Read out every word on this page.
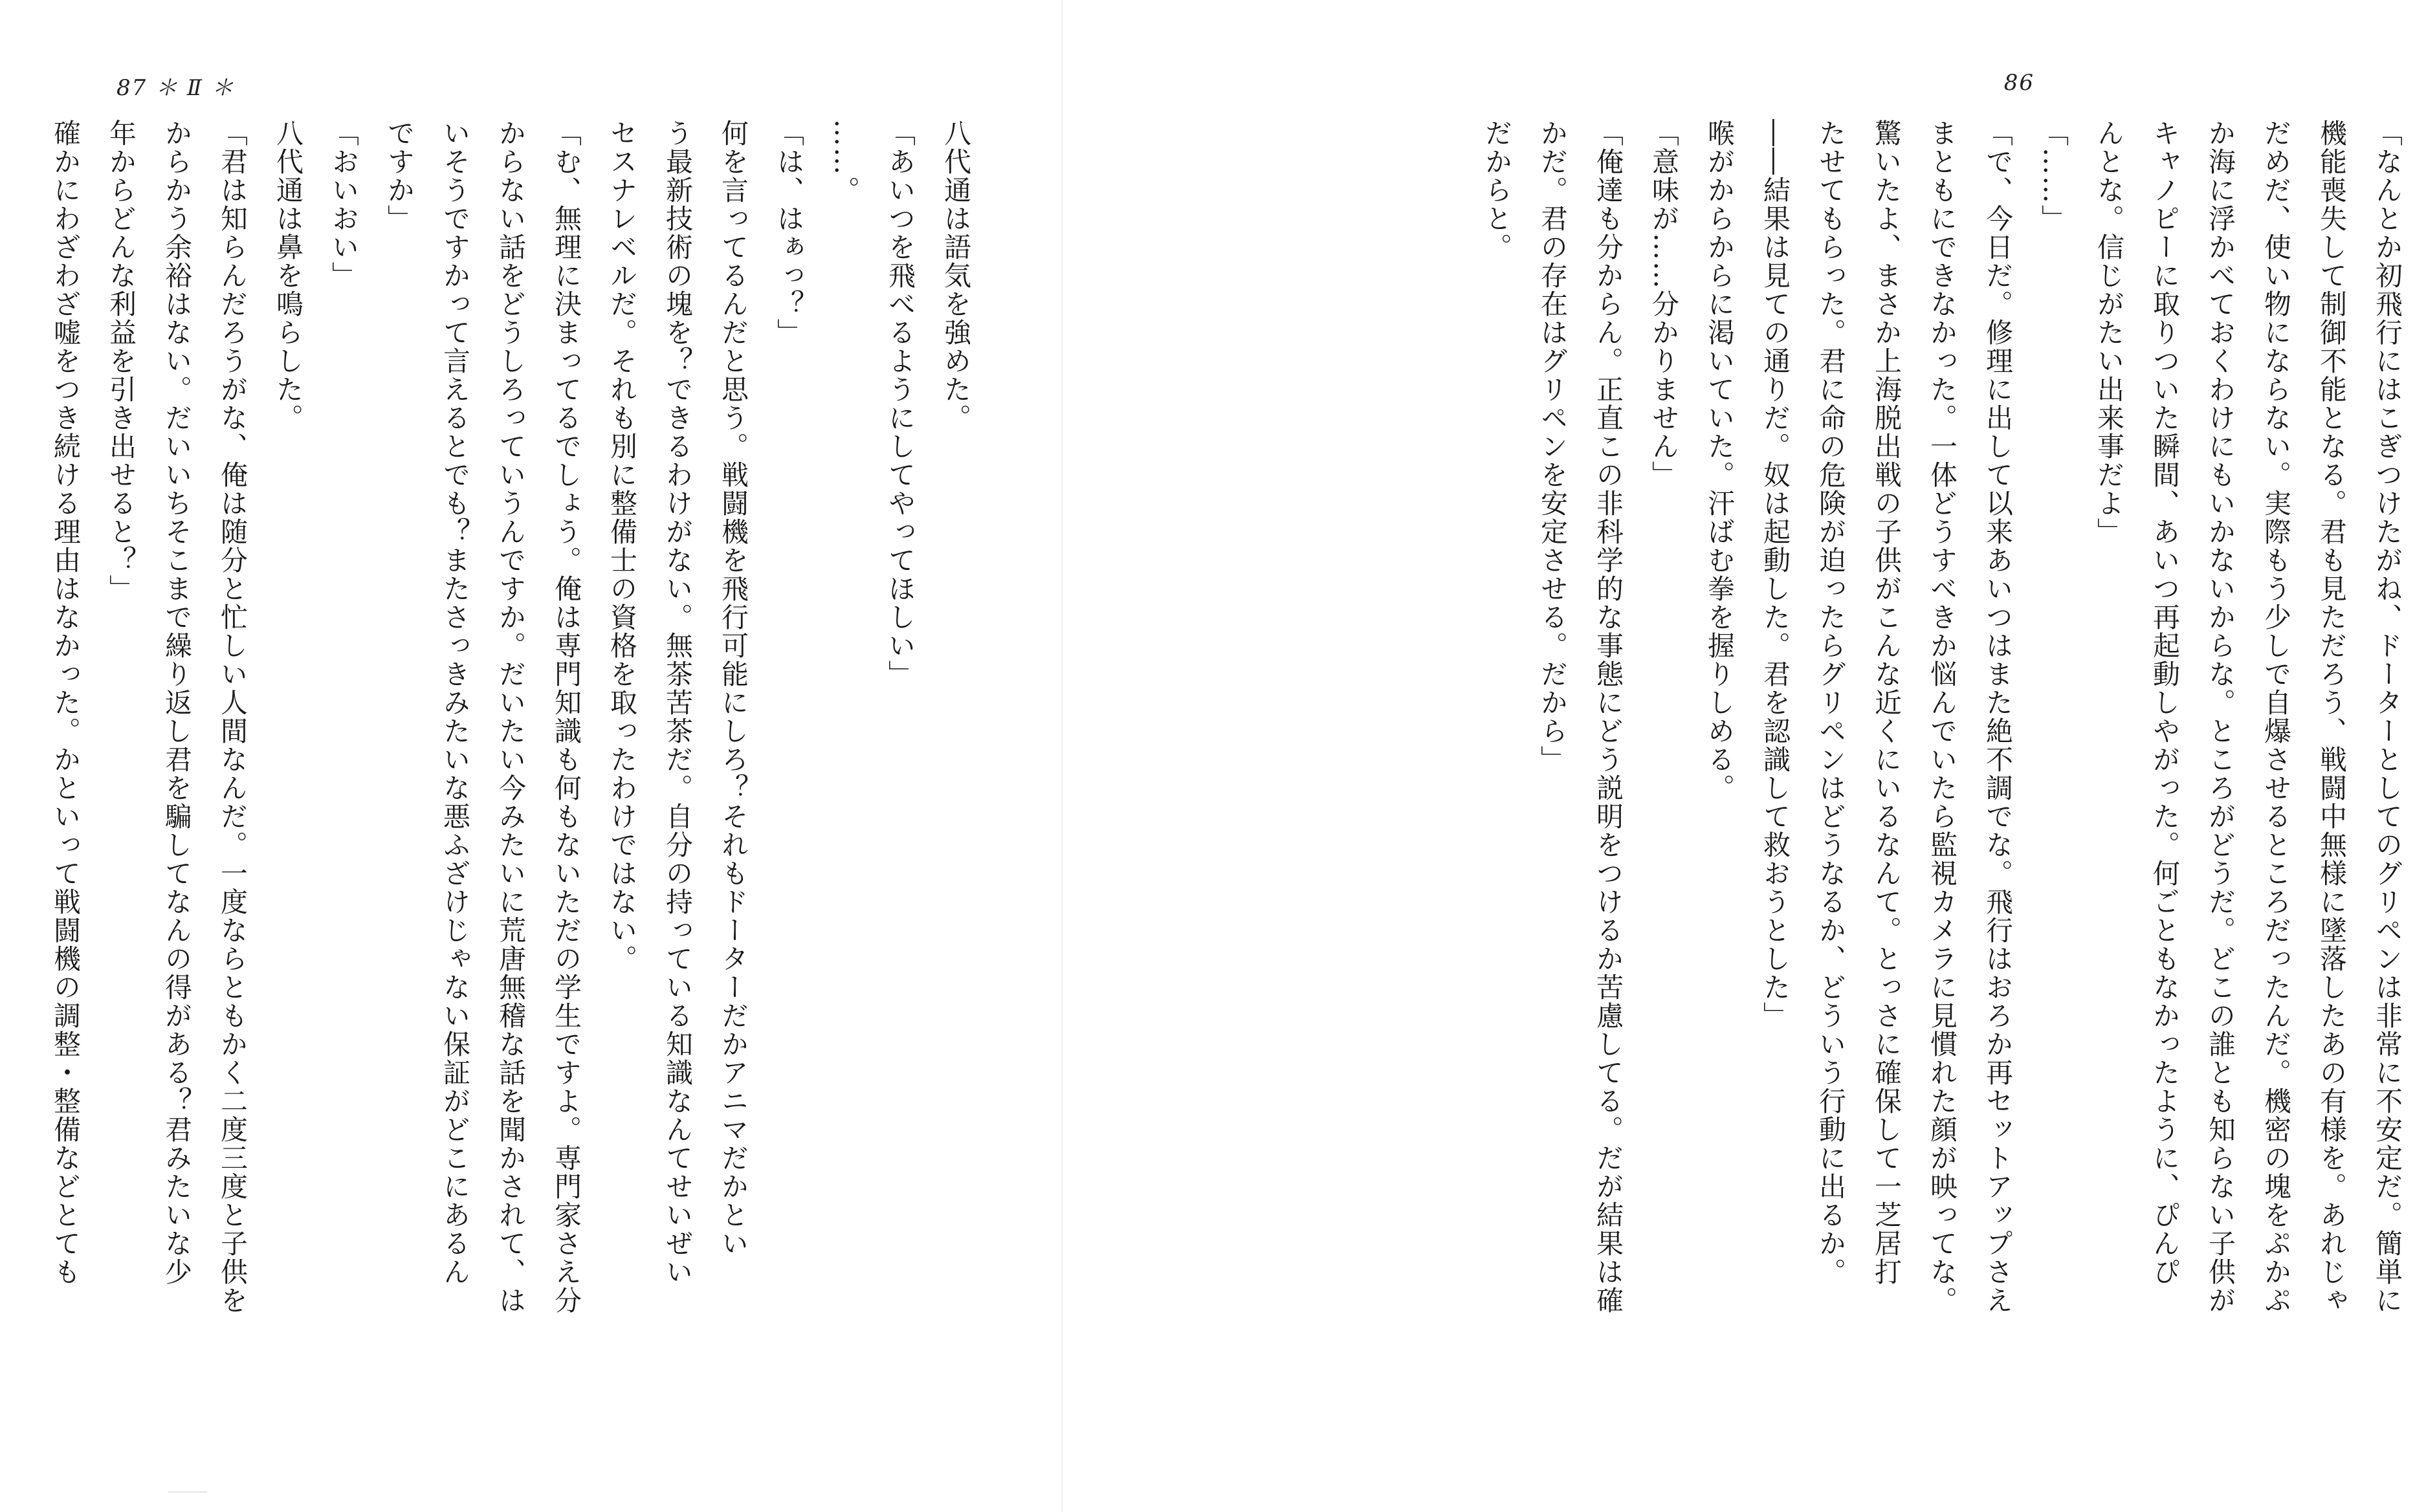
86
「なんとか初飛行にはこぎつけたがね、ドーターとしてのグリペンは非常に不安定だ。簡単に
機能喪失して制御不能となる。君も見ただろう、戦闘中無様に墜落したあの有様を。あれじゃ
だめだ、使い物にならない。実際もう少しで自爆させるところだったんだ。機密の塊をぷかぷ
か海に浮かべておくわけにもいかないからな。ところがどうだ。どこの誰とも知らない子供が
キャノピーに取りついた瞬間、あいつ再起動しやがった。何ごともなかったように、ぴんぴ
んとな。信じがたい出来事だよ」
「……」
「で、今日だ。修理に出して以来あいつはまた絶不調でな。飛行はおろか再セットアップさえ
まともにできなかった。一体どうすべきか悩んでいたら監視カメラに見慣れた顔が映ってな。
驚いたよ、まさか上海脱出戦の子供がこんな近くにいるなんて。とっさに確保して一芝居打
たせてもらった。君に命の危険が迫ったらグリペンはどうなるか、どういう行動に出るか。
――結果は見ての通りだ。奴は起動した。君を認識して救おうとした」
喉がからからに渇いていた。汗ばむ拳を握りしめる。
「意味が……分かりません」
「俺達も分からん。正直この非科学的な事態にどう説明をつけるか苦慮してる。だが結果は確
かだ。君の存在はグリペンを安定させる。だから」
だからと。
87 ＊ Ⅱ ＊
八代通は語気を強めた。
「あいつを飛べるようにしてやってほしい」
……。
「は、はぁっ？」
何を言ってるんだと思う。戦闘機を飛行可能にしろ？それもドーターだかアニマだかとい
う最新技術の塊を？できるわけがない。無茶苦茶だ。自分の持っている知識なんてせいぜい
セスナレベルだ。それも別に整備士の資格を取ったわけではない。
「む、無理に決まってるでしょう。俺は専門知識も何もないただの学生ですよ。専門家さえ分
からない話をどうしろっていうんですか。だいたい今みたいに荒唐無稽な話を聞かされて、は
いそうですかって言えるとでも？またさっきみたいな悪ふざけじゃない保証がどこにあるん
ですか」
「おいおい」
八代通は鼻を鳴らした。
「君は知らんだろうがな、俺は随分と忙しい人間なんだ。一度ならともかく二度三度と子供を
からかう余裕はない。だいいちそこまで繰り返し君を騙してなんの得がある？君みたいな少
年からどんな利益を引き出せると？」
確かにわざわざ嘘をつき続ける理由はなかった。かといって戦闘機の調整・整備などとても
